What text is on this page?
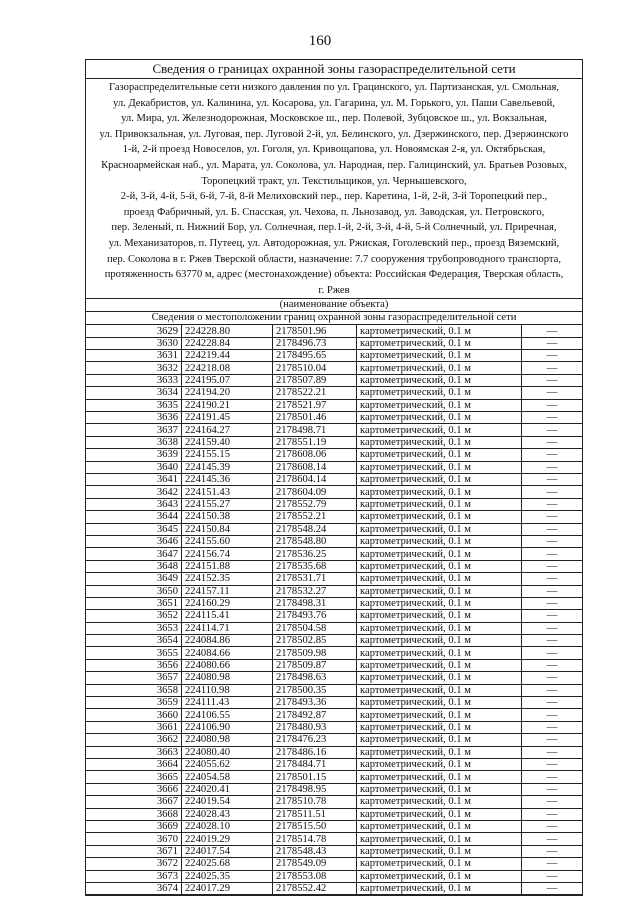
160
Сведения о границах охранной зоны газораспределительной сети
Газораспределительные сети низкого давления по ул. Грацинского, ул. Партизанская, ул. Смольная,
ул. Декабристов, ул. Калинина, ул. Косарова, ул. Гагарина, ул. М. Горького, ул. Паши Савельевой,
ул. Мира, ул. Железнодорожная, Московское ш., пер. Полевой, Зубцовское ш., ул. Вокзальная,
ул. Привокзальная, ул. Луговая, пер. Луговой 2-й, ул. Белинского, ул. Дзержинского, пер. Дзержинского
1-й, 2-й проезд Новоселов, ул. Гоголя, ул. Кривощапова, ул. Новоямская 2-я, ул. Октябрьская,
Красноармейская наб., ул. Марата, ул. Соколова, ул. Народная, пер. Галицинский, ул. Братьев Розовых,
Торопецкий тракт, ул. Текстильщиков, ул. Чернышевского,
2-й, 3-й, 4-й, 5-й, 6-й, 7-й, 8-й Мелиховский пер., пер. Каретина, 1-й, 2-й, 3-й Торопецкий пер.,
проезд Фабричный, ул. Б. Спасская, ул. Чехова, п. Льнозавод, ул. Заводская, ул. Петровского,
пер. Зеленый, п. Нижний Бор, ул. Солнечная, пер.1-й, 2-й, 3-й, 4-й, 5-й Солнечный, ул. Приречная,
ул. Механизаторов, п. Путеец, ул. Автодорожная, ул. Ржиская, Гоголевский пер., проезд Вяземский,
пер. Соколова в г. Ржев Тверской области, назначение: 7.7 сооружения трубопроводного транспорта,
протяженность 63770 м, адрес (местонахождение) объекта: Российская Федерация, Тверская область,
г. Ржев
(наименование объекта)
Сведения о местоположении границ охранной зоны газораспределительной сети
3629	224228.80	2178501.96	картометрический, 0.1 м	—
3630	224228.84	2178496.73	картометрический, 0.1 м	—
3631	224219.44	2178495.65	картометрический, 0.1 м	—
3632	224218.08	2178510.04	картометрический, 0.1 м	—
3633	224195.07	2178507.89	картометрический, 0.1 м	—
3634	224194.20	2178522.21	картометрический, 0.1 м	—
3635	224190.21	2178521.97	картометрический, 0.1 м	—
3636	224191.45	2178501.46	картометрический, 0.1 м	—
3637	224164.27	2178498.71	картометрический, 0.1 м	—
3638	224159.40	2178551.19	картометрический, 0.1 м	—
3639	224155.15	2178608.06	картометрический, 0.1 м	—
3640	224145.39	2178608.14	картометрический, 0.1 м	—
3641	224145.36	2178604.14	картометрический, 0.1 м	—
3642	224151.43	2178604.09	картометрический, 0.1 м	—
3643	224155.27	2178552.79	картометрический, 0.1 м	—
3644	224150.38	2178552.21	картометрический, 0.1 м	—
3645	224150.84	2178548.24	картометрический, 0.1 м	—
3646	224155.60	2178548.80	картометрический, 0.1 м	—
3647	224156.74	2178536.25	картометрический, 0.1 м	—
3648	224151.88	2178535.68	картометрический, 0.1 м	—
3649	224152.35	2178531.71	картометрический, 0.1 м	—
3650	224157.11	2178532.27	картометрический, 0.1 м	—
3651	224160.29	2178498.31	картометрический, 0.1 м	—
3652	224115.41	2178493.76	картометрический, 0.1 м	—
3653	224114.71	2178504.58	картометрический, 0.1 м	—
3654	224084.86	2178502.85	картометрический, 0.1 м	—
3655	224084.66	2178509.98	картометрический, 0.1 м	—
3656	224080.66	2178509.87	картометрический, 0.1 м	—
3657	224080.98	2178498.63	картометрический, 0.1 м	—
3658	224110.98	2178500.35	картометрический, 0.1 м	—
3659	224111.43	2178493.36	картометрический, 0.1 м	—
3660	224106.55	2178492.87	картометрический, 0.1 м	—
3661	224106.90	2178480.93	картометрический, 0.1 м	—
3662	224080.98	2178476.23	картометрический, 0.1 м	—
3663	224080.40	2178486.16	картометрический, 0.1 м	—
3664	224055.62	2178484.71	картометрический, 0.1 м	—
3665	224054.58	2178501.15	картометрический, 0.1 м	—
3666	224020.41	2178498.95	картометрический, 0.1 м	—
3667	224019.54	2178510.78	картометрический, 0.1 м	—
3668	224028.43	2178511.51	картометрический, 0.1 м	—
3669	224028.10	2178515.50	картометрический, 0.1 м	—
3670	224019.29	2178514.78	картометрический, 0.1 м	—
3671	224017.54	2178548.43	картометрический, 0.1 м	—
3672	224025.68	2178549.09	картометрический, 0.1 м	—
3673	224025.35	2178553.08	картометрический, 0.1 м	—
3674	224017.29	2178552.42	картометрический, 0.1 м	—
